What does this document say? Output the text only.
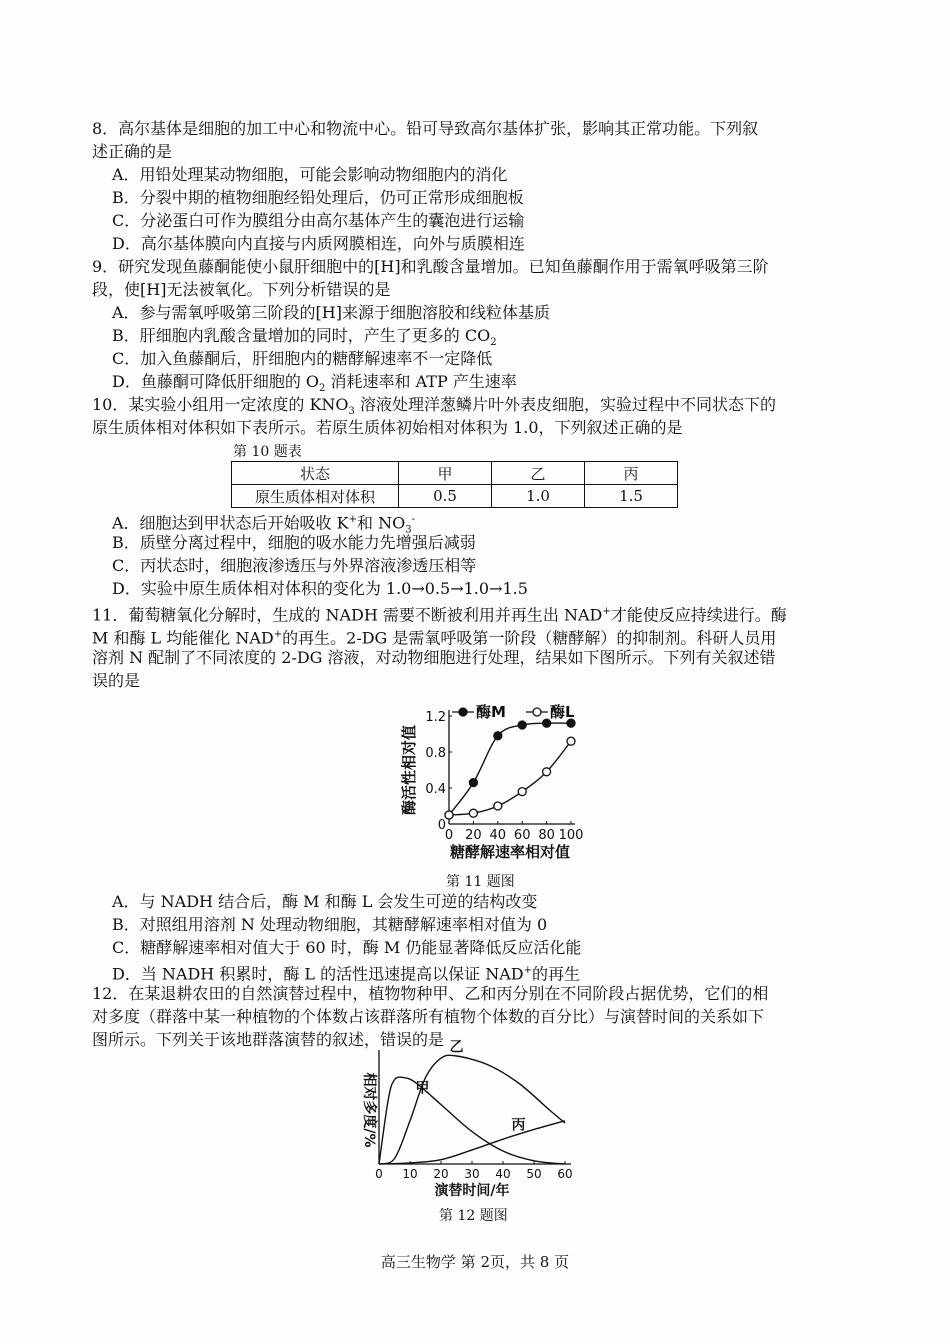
8．高尔基体是细胞的加工中心和物流中心。铅可导致高尔基体扩张，影响其正常功能。下列叙
述正确的是
A．用铅处理某动物细胞，可能会影响动物细胞内的消化
B．分裂中期的植物细胞经铅处理后，仍可正常形成细胞板
C．分泌蛋白可作为膜组分由高尔基体产生的囊泡进行运输
D．高尔基体膜向内直接与内质网膜相连，向外与质膜相连
9．研究发现鱼藤酮能使小鼠肝细胞中的[H]和乳酸含量增加。已知鱼藤酮作用于需氧呼吸第三阶
段，使[H]无法被氧化。下列分析错误的是
A．参与需氧呼吸第三阶段的[H]来源于细胞溶胶和线粒体基质
B．肝细胞内乳酸含量增加的同时，产生了更多的 $CO_2$
C．加入鱼藤酮后，肝细胞内的糖酵解速率不一定降低
D．鱼藤酮可降低肝细胞的 $O_2$ 消耗速率和 ATP 产生速率
10．某实验小组用一定浓度的 $KNO_3$ 溶液处理洋葱鳞片叶外表皮细胞，实验过程中不同状态下的
原生质体相对体积如下表所示。若原生质体初始相对体积为 1.0，下列叙述正确的是
第 10 题表
状态	甲	乙	丙
原生质体相对体积	0.5	1.0	1.5
A．细胞达到甲状态后开始吸收 K+和 $NO_3^-$
B．质壁分离过程中，细胞的吸水能力先增强后减弱
C．丙状态时，细胞液渗透压与外界溶液渗透压相等
D．实验中原生质体相对体积的变化为 1.0→0.5→1.0→1.5
11．葡萄糖氧化分解时，生成的 NADH 需要不断被利用并再生出 NAD+才能使反应持续进行。酶
M 和酶 L 均能催化 NAD+的再生。2-DG 是需氧呼吸第一阶段（糖酵解）的抑制剂。科研人员用
溶剂 N 配制了不同浓度的 2-DG 溶液，对动物细胞进行处理，结果如下图所示。下列有关叙述错
误的是
0 20 40 60 80 100
0
0.4
0.8
1.2
糖酵解速率相对值
酶活性相对值
酶M	酶L
第 11 题图
A．与 NADH 结合后，酶 M 和酶 L 会发生可逆的结构改变
B．对照组用溶剂 N 处理动物细胞，其糖酵解速率相对值为 0
C．糖酵解速率相对值大于 60 时，酶 M 仍能显著降低反应活化能
D．当 NADH 积累时，酶 L 的活性迅速提高以保证 NAD+的再生
12．在某退耕农田的自然演替过程中，植物物种甲、乙和丙分别在不同阶段占据优势，它们的相
对多度（群落中某一种植物的个体数占该群落所有植物个体数的百分比）与演替时间的关系如下
图所示。下列关于该地群落演替的叙述，错误的是
0 10 20 30 40 50 60
演替时间/年
相对多度/%	甲
乙
丙
第 12 题图
高三生物学 第 2页，共 8 页
